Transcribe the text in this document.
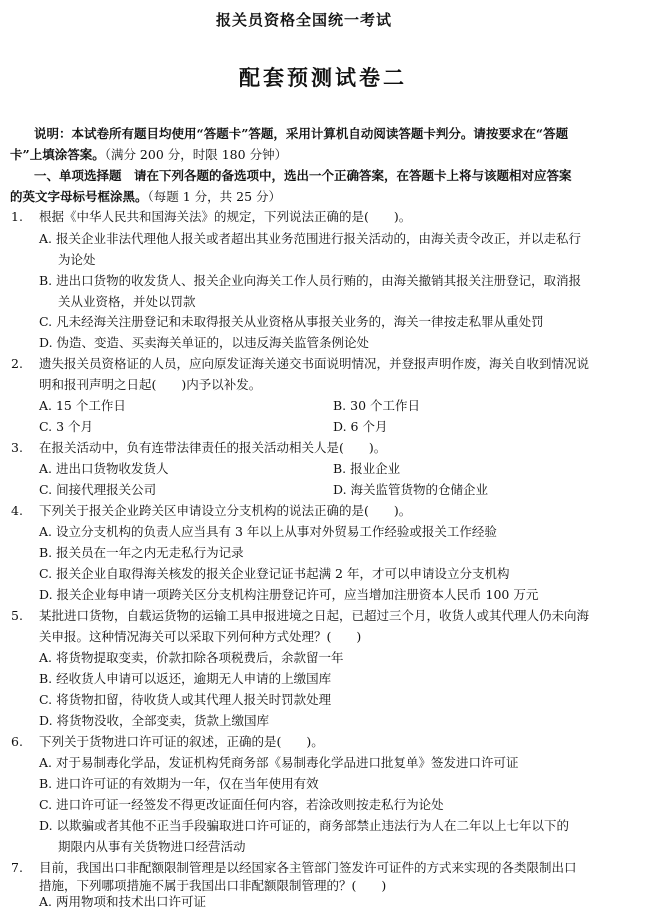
报关员资格全国统一考试
配套预测试卷二
说明：本试卷所有题目均使用“答题卡”答题，采用计算机自动阅读答题卡判分。请按要求在“答题
卡”上填涂答案。（满分 200 分，时限 180 分钟）
一、单项选择题　请在下列各题的备选项中，选出一个正确答案，在答题卡上将与该题相对应答案
的英文字母标号框涂黑。（每题 1 分，共 25 分）
1. 根据《中华人民共和国海关法》的规定，下列说法正确的是(　　)。
A. 报关企业非法代理他人报关或者超出其业务范围进行报关活动的，由海关责令改正，并以走私行
为论处
B. 进出口货物的收发货人、报关企业向海关工作人员行贿的，由海关撤销其报关注册登记，取消报
关从业资格，并处以罚款
C. 凡未经海关注册登记和未取得报关从业资格从事报关业务的，海关一律按走私罪从重处罚
D. 伪造、变造、买卖海关单证的，以违反海关监管条例论处
2. 遗失报关员资格证的人员，应向原发证海关递交书面说明情况，并登报声明作废，海关自收到情况说
明和报刊声明之日起(　　)内予以补发。
A. 15 个工作日	B. 30 个工作日
C. 3 个月	D. 6 个月
3. 在报关活动中，负有连带法律责任的报关活动相关人是(　　)。
A. 进出口货物收发货人	B. 报业企业
C. 间接代理报关公司	D. 海关监管货物的仓储企业
4. 下列关于报关企业跨关区申请设立分支机构的说法正确的是(　　)。
A. 设立分支机构的负责人应当具有 3 年以上从事对外贸易工作经验或报关工作经验
B. 报关员在一年之内无走私行为记录
C. 报关企业自取得海关核发的报关企业登记证书起满 2 年，才可以申请设立分支机构
D. 报关企业每申请一项跨关区分支机构注册登记许可，应当增加注册资本人民币 100 万元
5. 某批进口货物，自载运货物的运输工具申报进境之日起，已超过三个月，收货人或其代理人仍未向海
关申报。这种情况海关可以采取下列何种方式处理？(　　)
A. 将货物提取变卖，价款扣除各项税费后，余款留一年
B. 经收货人申请可以返还，逾期无人申请的上缴国库
C. 将货物扣留，待收货人或其代理人报关时罚款处理
D. 将货物没收，全部变卖，货款上缴国库
6. 下列关于货物进口许可证的叙述，正确的是(　　)。
A. 对于易制毒化学品，发证机构凭商务部《易制毒化学品进口批复单》签发进口许可证
B. 进口许可证的有效期为一年，仅在当年使用有效
C. 进口许可证一经签发不得更改证面任何内容，若涂改则按走私行为论处
D. 以欺骗或者其他不正当手段骗取进口许可证的，商务部禁止违法行为人在二年以上七年以下的
期限内从事有关货物进口经营活动
7. 目前，我国出口非配额限制管理是以经国家各主管部门签发许可证件的方式来实现的各类限制出口
措施，下列哪项措施不属于我国出口非配额限制管理的？(　　)
A. 两用物项和技术出口许可证
